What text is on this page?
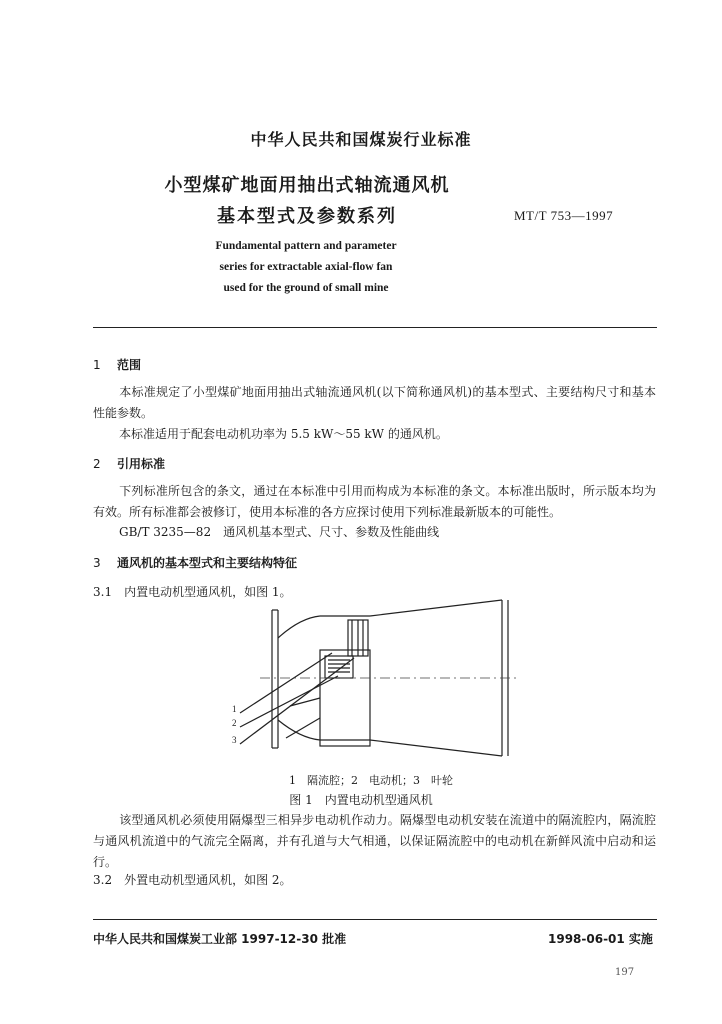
中华人民共和国煤炭行业标准
小型煤矿地面用抽出式轴流通风机
基本型式及参数系列	MT/T 753—1997
Fundamental pattern and parameter
series for extractable axial-flow fan
used for the ground of small mine
1 范围
本标准规定了小型煤矿地面用抽出式轴流通风机(以下简称通风机)的基本型式、主要结构尺寸和基本性能参数。
本标准适用于配套电动机功率为 5.5 kW～55 kW 的通风机。
2 引用标准
下列标准所包含的条文，通过在本标准中引用而构成为本标准的条文。本标准出版时，所示版本均为有效。所有标准都会被修订，使用本标准的各方应探讨使用下列标准最新版本的可能性。
GB/T 3235—82　通风机基本型式、尺寸、参数及性能曲线
3 通风机的基本型式和主要结构特征
3.1　内置电动机型通风机，如图 1。
1
2
3
1　隔流腔；2　电动机；3　叶轮
图 1　内置电动机型通风机
该型通风机必须使用隔爆型三相异步电动机作动力。隔爆型电动机安装在流道中的隔流腔内，隔流腔与通风机流道中的气流完全隔离，并有孔道与大气相通，以保证隔流腔中的电动机在新鲜风流中启动和运行。
3.2　外置电动机型通风机，如图 2。
中华人民共和国煤炭工业部 1997-12-30 批准	1998-06-01 实施
197
